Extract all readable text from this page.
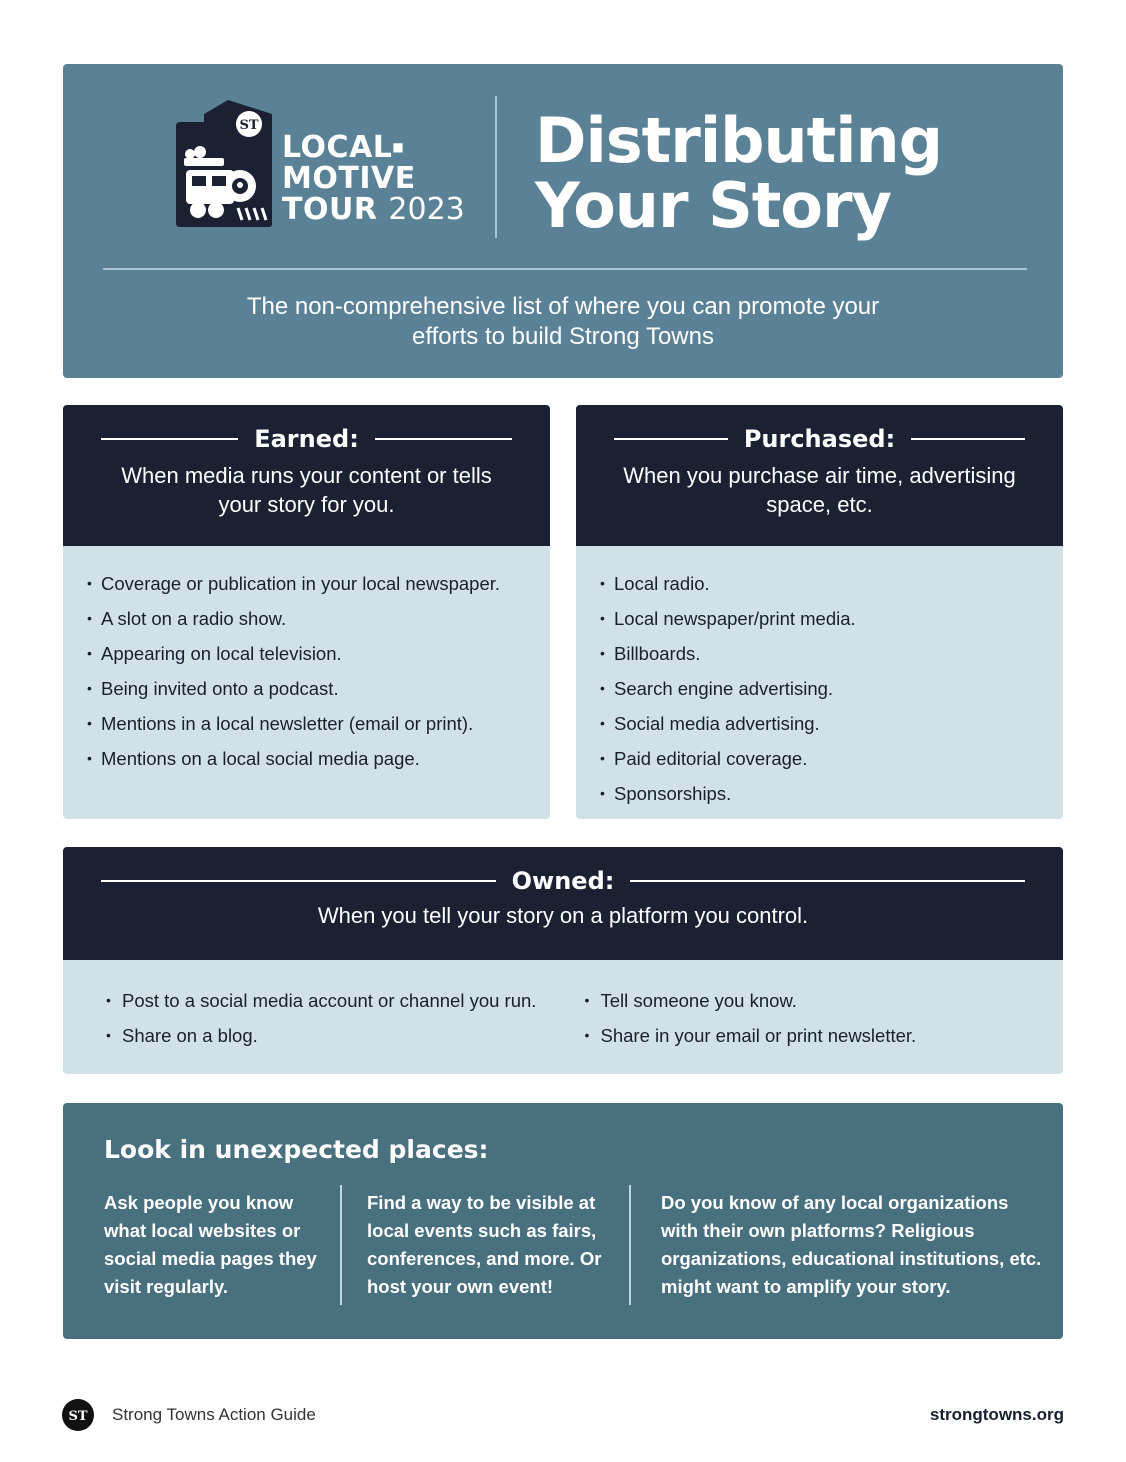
ST
LOCAL■
MOTIVE
TOUR 2023
Distributing
Your Story
The non-comprehensive list of where you can promote your
efforts to build Strong Towns
Earned:
When media runs your content or tells
your story for you.
• Coverage or publication in your local newspaper.
• A slot on a radio show.
• Appearing on local television.
• Being invited onto a podcast.
• Mentions in a local newsletter (email or print).
• Mentions on a local social media page.
Purchased:
When you purchase air time, advertising
space, etc.
• Local radio.
• Local newspaper/print media.
• Billboards.
• Search engine advertising.
• Social media advertising.
• Paid editorial coverage.
• Sponsorships.
Owned:
When you tell your story on a platform you control.
• Post to a social media account or channel you run.
• Share on a blog.
• Tell someone you know.
• Share in your email or print newsletter.
Look in unexpected places:
Ask people you know
what local websites or
social media pages they
visit regularly.
Find a way to be visible at
local events such as fairs,
conferences, and more. Or
host your own event!
Do you know of any local organizations
with their own platforms? Religious
organizations, educational institutions, etc.
might want to amplify your story.
ST Strong Towns Action Guide	strongtowns.org
